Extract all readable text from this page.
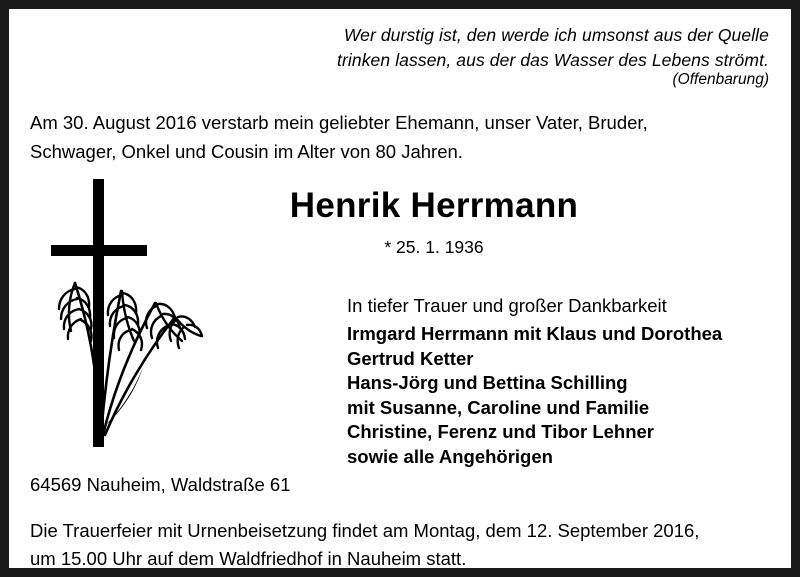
Wer durstig ist, den werde ich umsonst aus der Quelle
trinken lassen, aus der das Wasser des Lebens strömt.
(Offenbarung)
Am 30. August 2016 verstarb mein geliebter Ehemann, unser Vater, Bruder,
Schwager, Onkel und Cousin im Alter von 80 Jahren.
Henrik Herrmann
* 25. 1. 1936
In tiefer Trauer und großer Dankbarkeit
Irmgard Herrmann mit Klaus und Dorothea
Gertrud Ketter
Hans-Jörg und Bettina Schilling
mit Susanne, Caroline und Familie
Christine, Ferenz und Tibor Lehner
sowie alle Angehörigen
64569 Nauheim, Waldstraße 61
Die Trauerfeier mit Urnenbeisetzung findet am Montag, dem 12. September 2016,
um 15.00 Uhr auf dem Waldfriedhof in Nauheim statt.
